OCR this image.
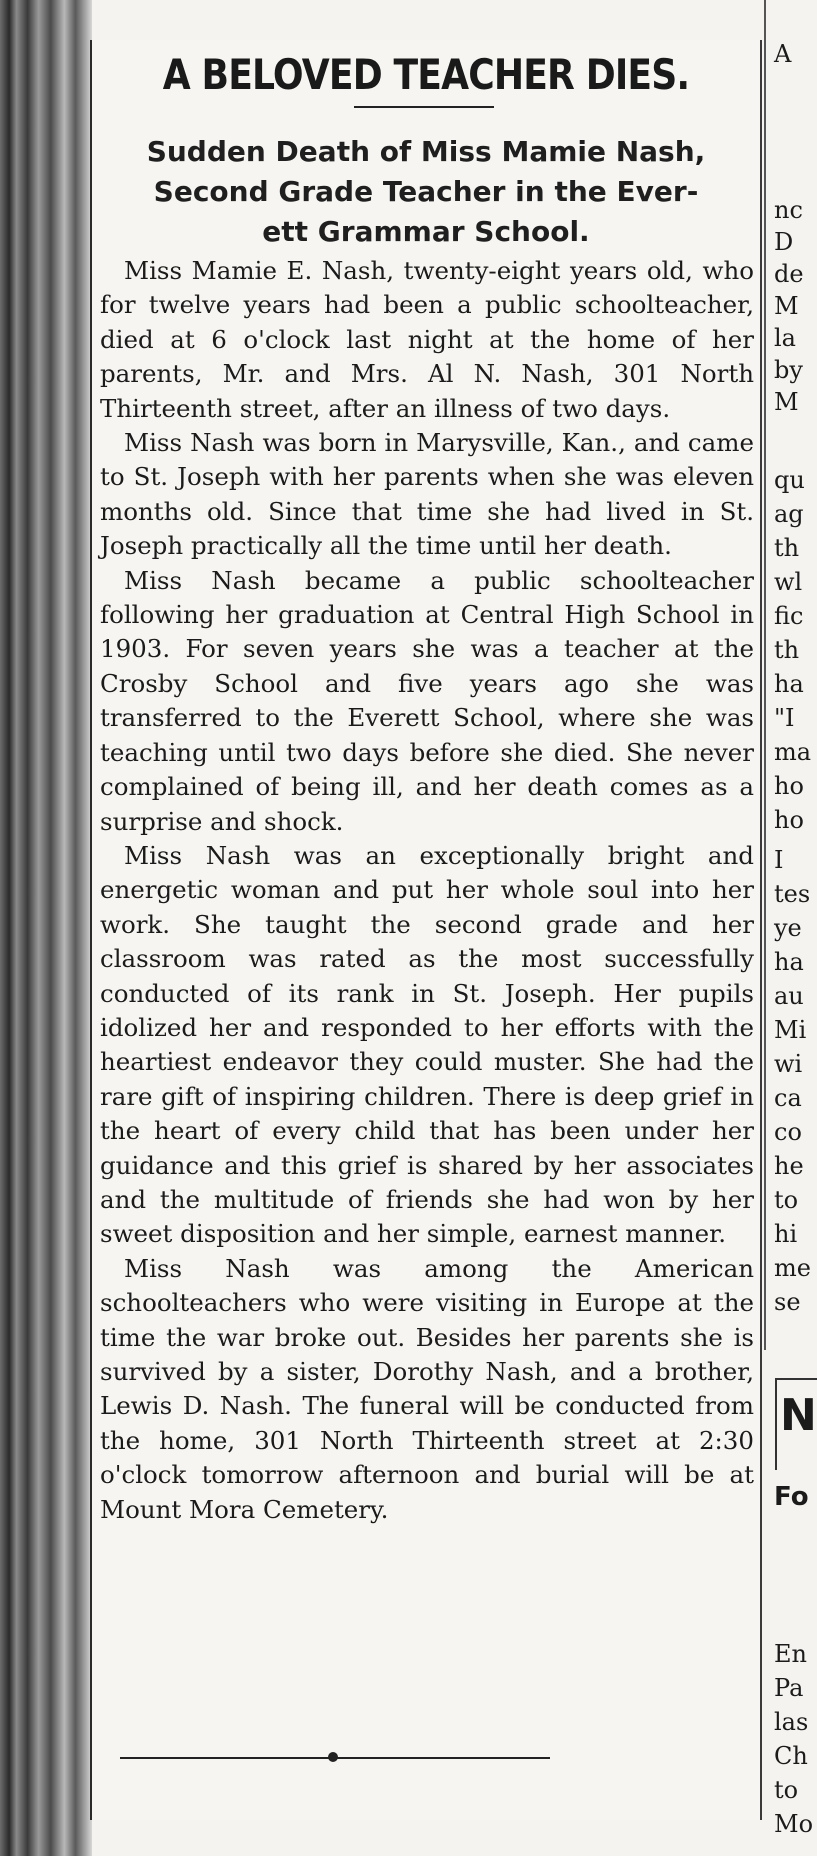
A BELOVED TEACHER DIES.
Sudden Death of Miss Mamie Nash,
Second Grade Teacher in the Ever-
ett Grammar School.

Miss Mamie E. Nash, twenty-eight years old, who for twelve years had been a public schoolteacher, died at 6 o'clock last night at the home of her parents, Mr. and Mrs. Al N. Nash, 301 North Thirteenth street, after an illness of two days.

Miss Nash was born in Marysville, Kan., and came to St. Joseph with her parents when she was eleven months old. Since that time she had lived in St. Joseph practically all the time until her death.

Miss Nash became a public schoolteacher following her graduation at Central High School in 1903. For seven years she was a teacher at the Crosby School and five years ago she was transferred to the Everett School, where she was teaching until two days before she died. She never complained of being ill, and her death comes as a surprise and shock.

Miss Nash was an exceptionally bright and energetic woman and put her whole soul into her work. She taught the second grade and her classroom was rated as the most successfully conducted of its rank in St. Joseph. Her pupils idolized her and responded to her efforts with the heartiest endeavor they could muster. She had the rare gift of inspiring children. There is deep grief in the heart of every child that has been under her guidance and this grief is shared by her associates and the multitude of friends she had won by her sweet disposition and her simple, earnest manner.

Miss Nash was among the American schoolteachers who were visiting in Europe at the time the war broke out. Besides her parents she is survived by a sister, Dorothy Nash, and a brother, Lewis D. Nash. The funeral will be conducted from the home, 301 North Thirteenth street at 2:30 o'clock tomorrow afternoon and burial will be at Mount Mora Cemetery.

A
nc
D
de
M
la
by
M
qu
ag
th
wl
fic
th
ha
"I
ma
ho
ho
I
tes
ye
ha
au
Mi
wi
ca
co
he
to
hi
me
se
N
Fo
En
Pa
las
Ch
to
Mo
